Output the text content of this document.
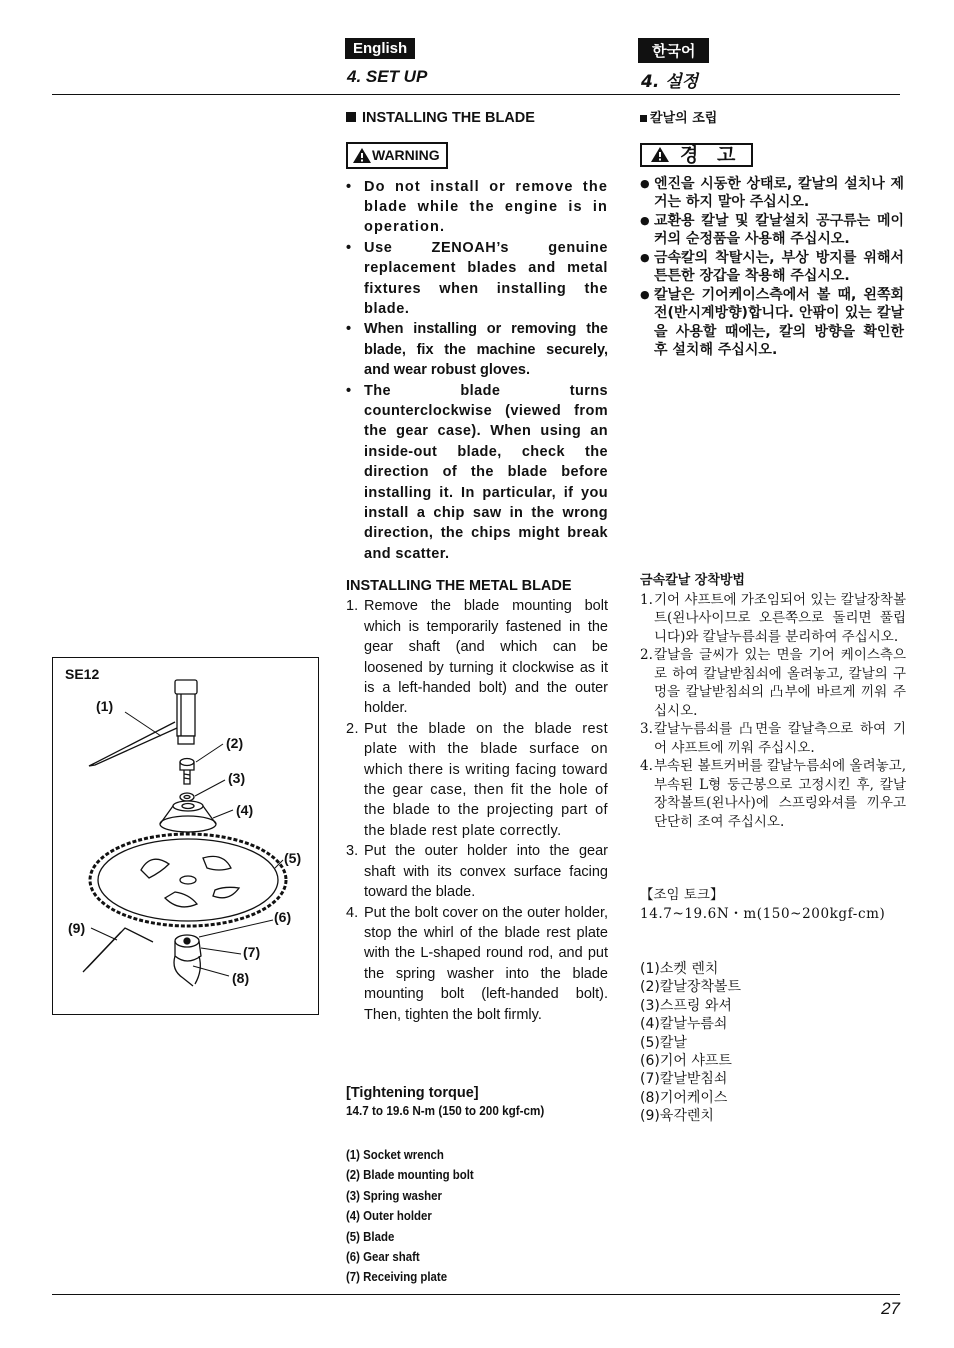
English
4. SET UP
한국어
4. 설정
INSTALLING THE BLADE
WARNING
• Do not install or remove the blade while the engine is in operation.
• Use ZENOAH’s genuine replacement blades and metal fixtures when installing the blade.
• When installing or removing the blade, fix the machine securely, and wear robust gloves.
• The blade turns counterclockwise (viewed from the gear case). When using an inside-out blade, check the direction of the blade before installing it. In particular, if you install a chip saw in the wrong direction, the chips might break and scatter.
INSTALLING THE METAL BLADE
1. Remove the blade mounting bolt which is temporarily fastened in the gear shaft (and which can be loosened by turning it clockwise as it is a left-handed bolt) and the outer holder.
2. Put the blade on the blade rest plate with the blade surface on which there is writing facing toward the gear case, then fit the hole of the blade to the projecting part of the blade rest plate correctly.
3. Put the outer holder into the gear shaft with its convex surface facing toward the blade.
4. Put the bolt cover on the outer holder, stop the whirl of the blade rest plate with the L-shaped round rod, and put the spring washer into the blade mounting bolt (left-handed bolt). Then, tighten the bolt firmly.
[Tightening torque]
14.7 to 19.6 N-m (150 to 200 kgf-cm)
(1) Socket wrench
(2) Blade mounting bolt
(3) Spring washer
(4) Outer holder
(5) Blade
(6) Gear shaft
(7) Receiving plate
칼날의 조립
경 고
● 엔진을 시동한 상태로, 칼날의 설치나 제거는 하지 말아 주십시오.
● 교환용 칼날 및 칼날설치 공구류는 메이커의 순정품을 사용해 주십시오.
● 금속칼의 착탈시는, 부상 방지를 위해서 튼튼한 장갑을 착용해 주십시오.
● 칼날은 기어케이스측에서 볼 때, 왼쪽회전(반시계방향)합니다. 안팎이 있는 칼날을 사용할 때에는, 칼의 방향을 확인한 후 설치해 주십시오.
금속칼날 장착방법
1. 기어 샤프트에 가조임되어 있는 칼날장착볼트(왼나사이므로 오른쪽으로 돌리면 풀립니다)와 칼날누름쇠를 분리하여 주십시오.
2. 칼날을 글씨가 있는 면을 기어 케이스측으로 하여 칼날받침쇠에 올려놓고, 칼날의 구멍을 칼날받침쇠의 凸부에 바르게 끼워 주십시오.
3. 칼날누름쇠를 凸면을 칼날측으로 하여 기어 샤프트에 끼워 주십시오.
4. 부속된 볼트커버를 칼날누름쇠에 올려놓고, 부속된 L형 둥근봉으로 고정시킨 후, 칼날장착볼트(왼나사)에 스프링와셔를 끼우고 단단히 조여 주십시오.
【조임 토크】
14.7~19.6N・m(150~200kgf-cm)
(1)소켓 렌치
(2)칼날장착볼트
(3)스프링 와셔
(4)칼날누름쇠
(5)칼날
(6)기어 샤프트
(7)칼날받침쇠
(8)기어케이스
(9)육각렌치
SE12
(1)
(2)
(3)
(4)
(5)
(6)
(7)
(8)
(9)
27
